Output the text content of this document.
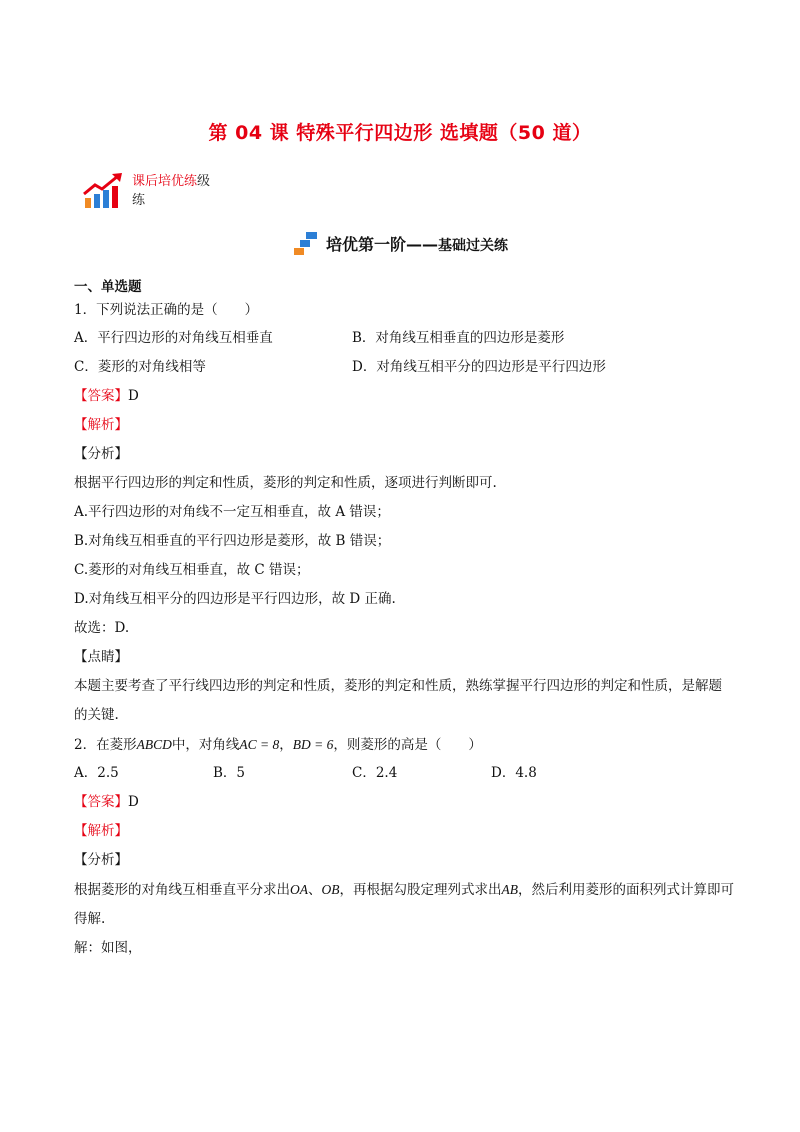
第 04 课 特殊平行四边形 选填题（50 道）
课后培优练级
练
培优第一阶——基础过关练
一、单选题
1．下列说法正确的是（　　）
A．平行四边形的对角线互相垂直	B．对角线互相垂直的四边形是菱形
C．菱形的对角线相等	D．对角线互相平分的四边形是平行四边形
【答案】D
【解析】
【分析】
根据平行四边形的判定和性质，菱形的判定和性质，逐项进行判断即可.
A.平行四边形的对角线不一定互相垂直，故 A 错误；
B.对角线互相垂直的平行四边形是菱形，故 B 错误；
C.菱形的对角线互相垂直，故 C 错误；
D.对角线互相平分的四边形是平行四边形，故 D 正确.
故选：D.
【点睛】
本题主要考查了平行线四边形的判定和性质，菱形的判定和性质，熟练掌握平行四边形的判定和性质，是解题的关键.
2．在菱形ABCD中，对角线AC = 8，BD = 6，则菱形的高是（　　）
A．2.5	B．5	C．2.4	D．4.8
【答案】D
【解析】
【分析】
根据菱形的对角线互相垂直平分求出OA、OB，再根据勾股定理列式求出AB，然后利用菱形的面积列式计算即可得解.
解：如图，
